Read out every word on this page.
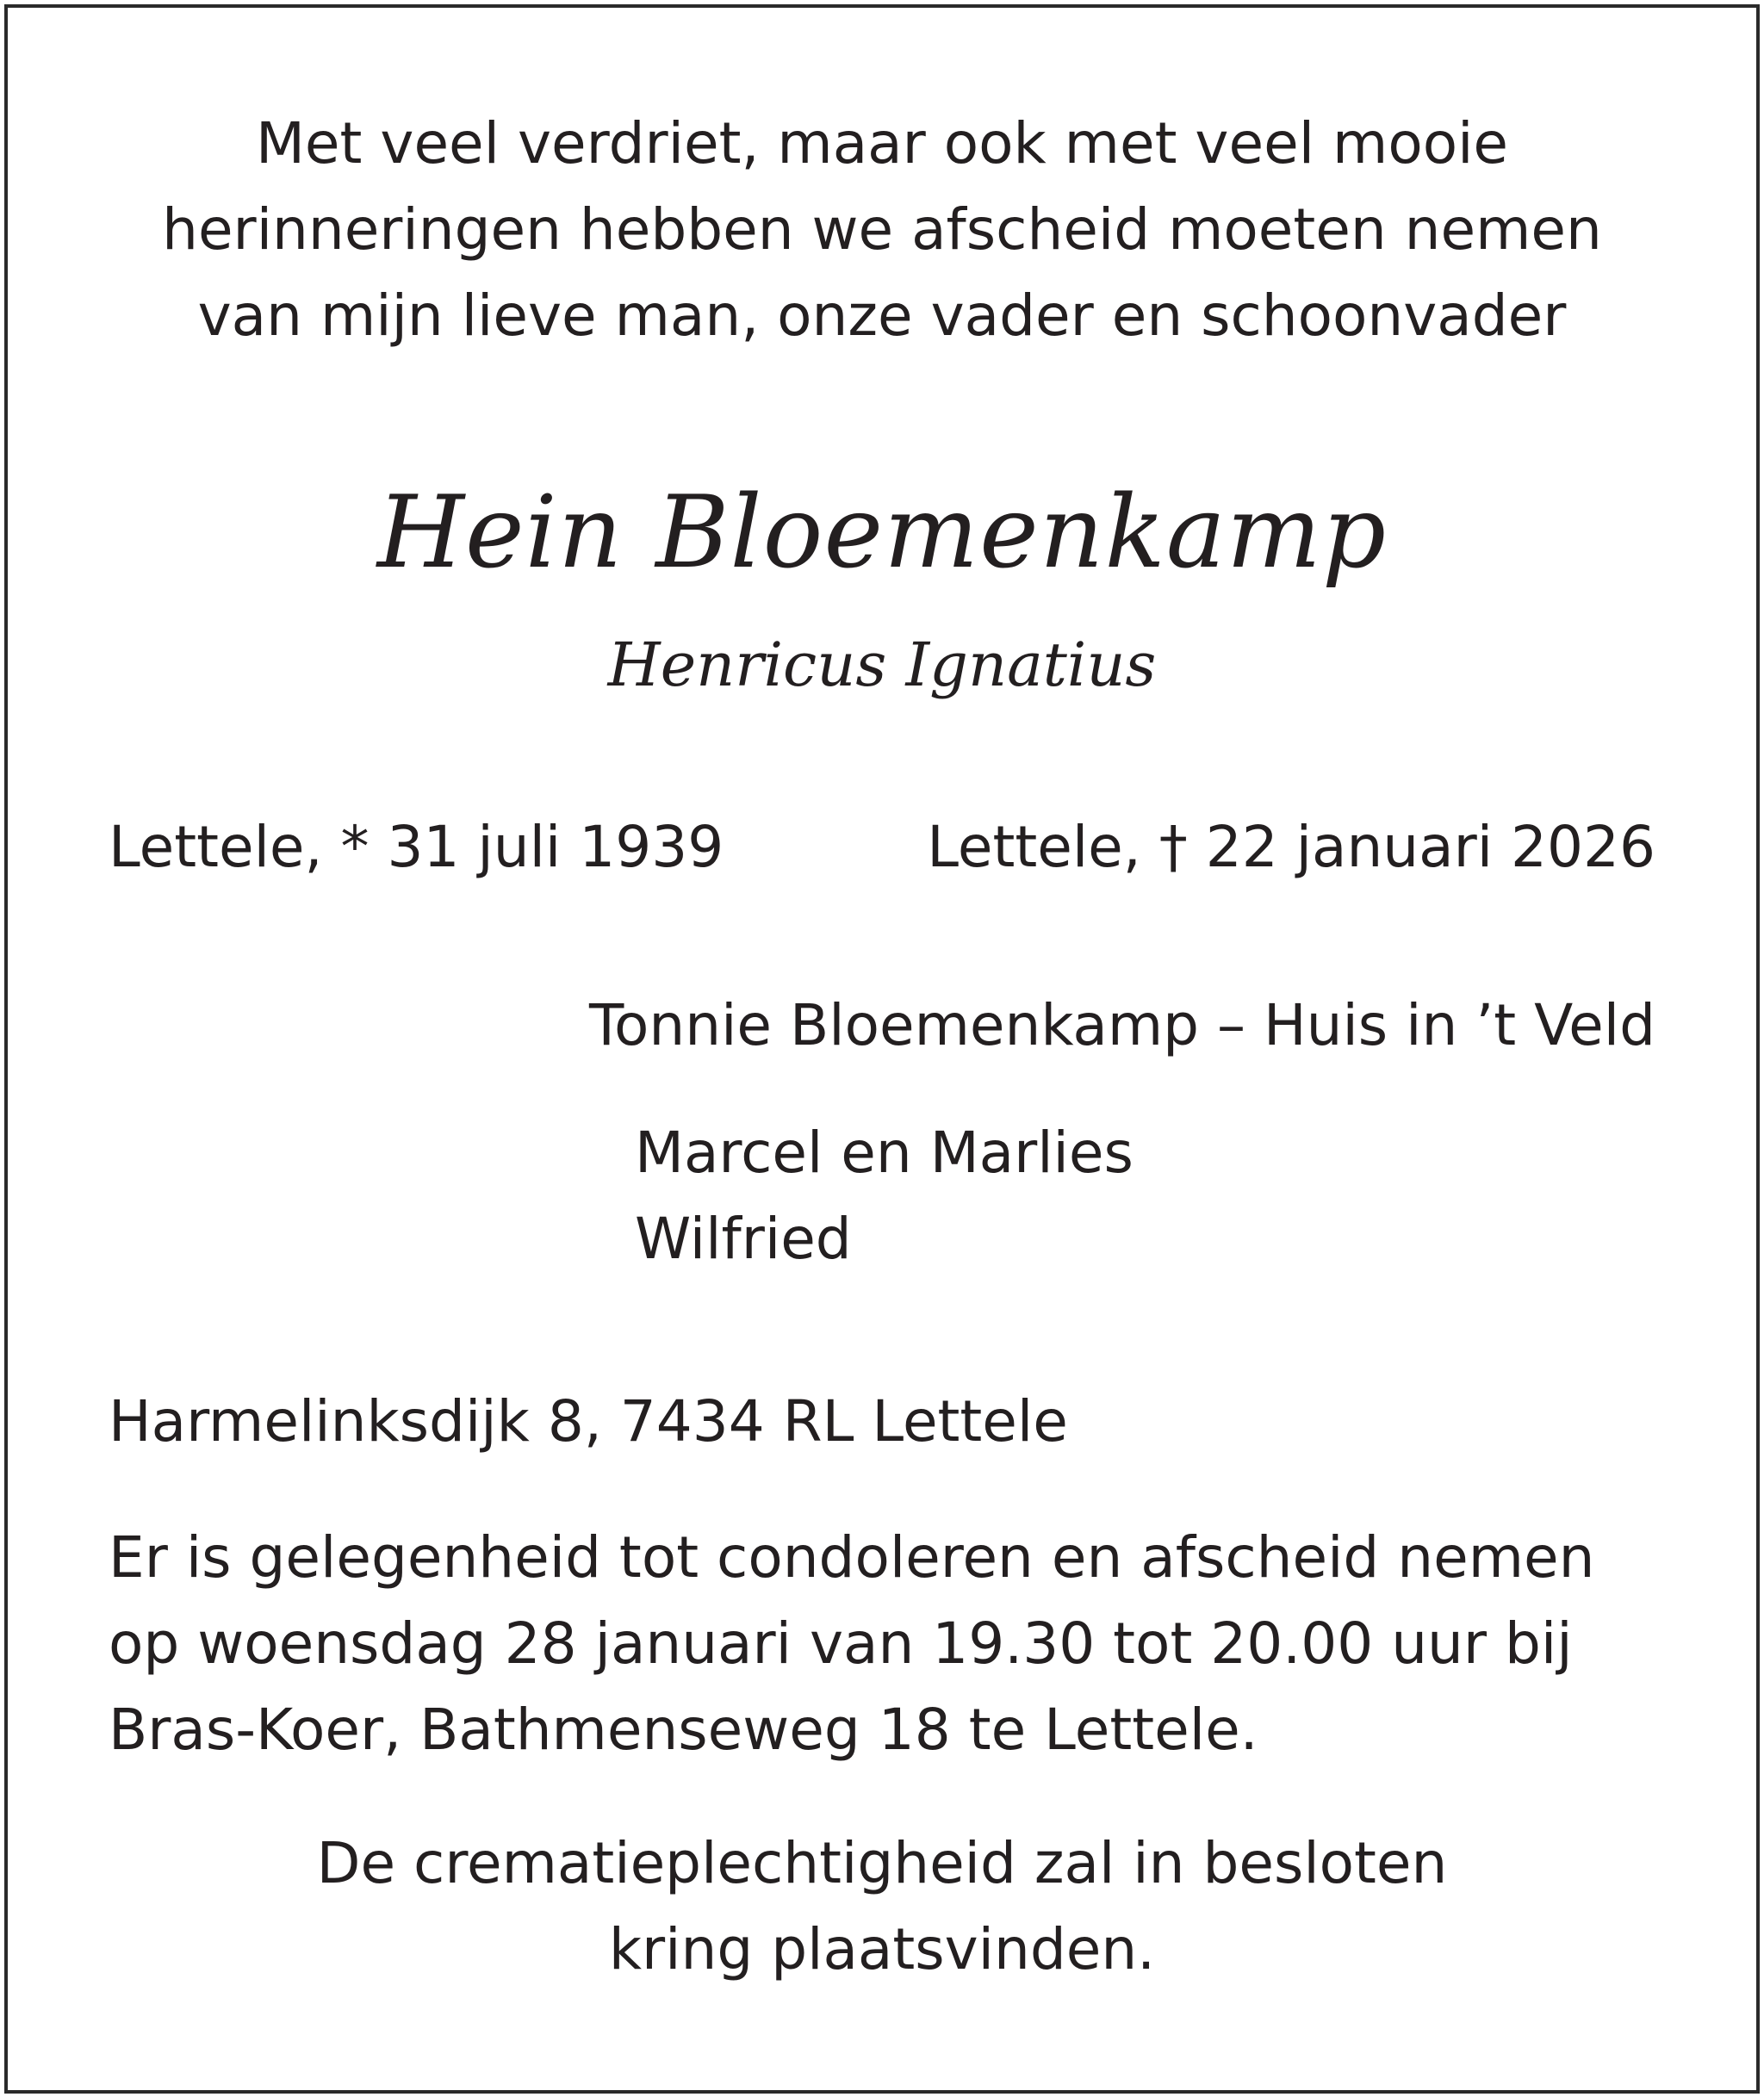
Met veel verdriet, maar ook met veel mooie
herinneringen hebben we afscheid moeten nemen
van mijn lieve man, onze vader en schoonvader
Hein Bloemenkamp
Henricus Ignatius
Lettele, * 31 juli 1939	Lettele, † 22 januari 2026
Tonnie Bloemenkamp – Huis in ’t Veld
Marcel en Marlies
Wilfried
Harmelinksdijk 8, 7434 RL Lettele
Er is gelegenheid tot condoleren en afscheid nemen
op woensdag 28 januari van 19.30 tot 20.00 uur bij
Bras-Koer, Bathmenseweg 18 te Lettele.
De crematieplechtigheid zal in besloten
kring plaatsvinden.
